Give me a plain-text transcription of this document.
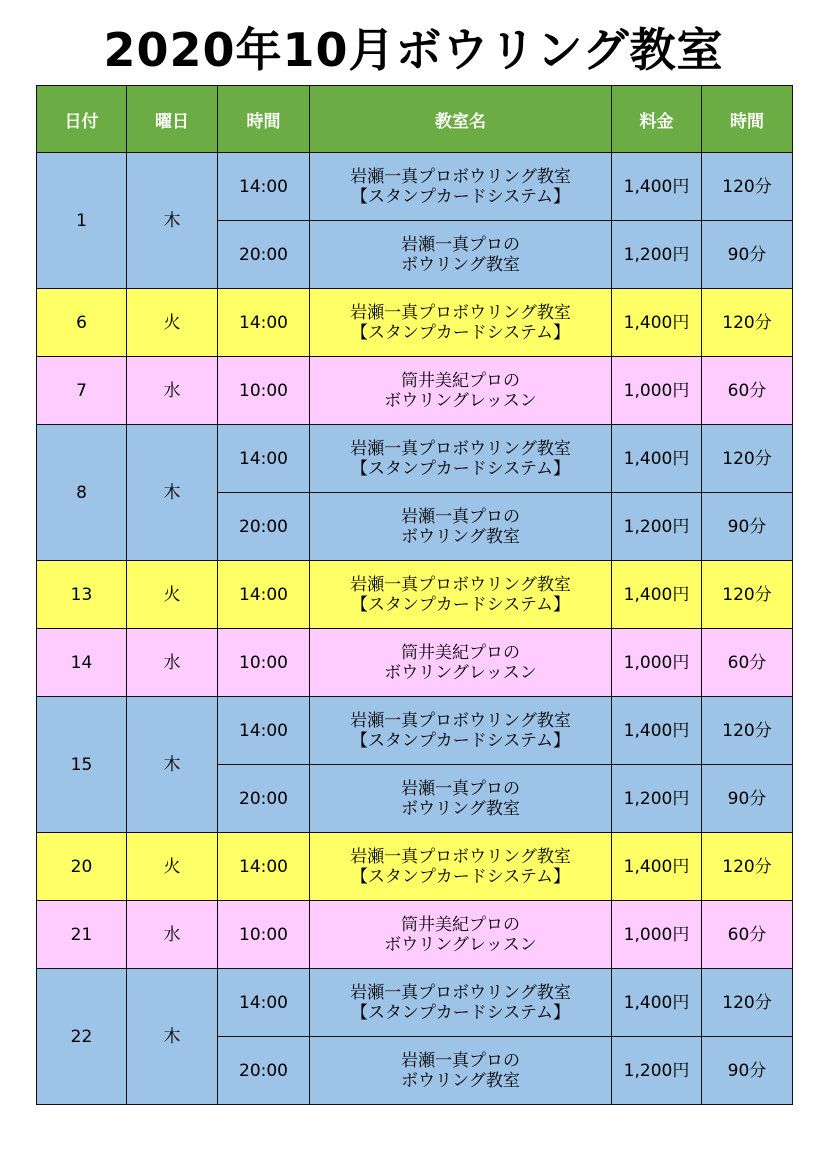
2020年10月ボウリング教室
日付	曜日	時間	教室名	料金	時間
1	木	14:00	岩瀬一真プロボウリング教室
【スタンプカードシステム】	1,400円	120分
		20:00	岩瀬一真プロの
ボウリング教室	1,200円	90分
6	火	14:00	岩瀬一真プロボウリング教室
【スタンプカードシステム】	1,400円	120分
7	水	10:00	筒井美紀プロの
ボウリングレッスン	1,000円	60分
8	木	14:00	岩瀬一真プロボウリング教室
【スタンプカードシステム】	1,400円	120分
		20:00	岩瀬一真プロの
ボウリング教室	1,200円	90分
13	火	14:00	岩瀬一真プロボウリング教室
【スタンプカードシステム】	1,400円	120分
14	水	10:00	筒井美紀プロの
ボウリングレッスン	1,000円	60分
15	木	14:00	岩瀬一真プロボウリング教室
【スタンプカードシステム】	1,400円	120分
		20:00	岩瀬一真プロの
ボウリング教室	1,200円	90分
20	火	14:00	岩瀬一真プロボウリング教室
【スタンプカードシステム】	1,400円	120分
21	水	10:00	筒井美紀プロの
ボウリングレッスン	1,000円	60分
22	木	14:00	岩瀬一真プロボウリング教室
【スタンプカードシステム】	1,400円	120分
		20:00	岩瀬一真プロの
ボウリング教室	1,200円	90分
